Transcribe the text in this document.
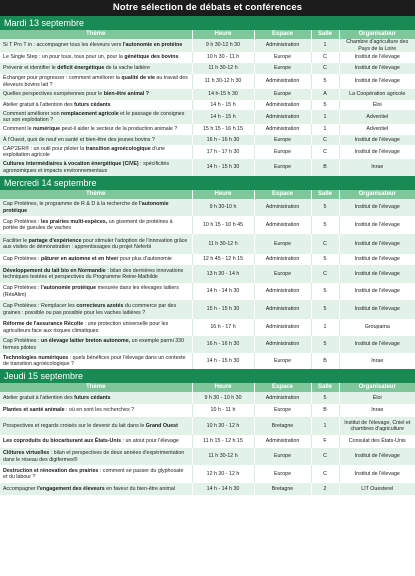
Notre sélection de débats et conférences
Mardi 13 septembre
Thème	Heure	Espace	Salle	Organisateur
Si T Pro T in : accompagner tous les éleveurs vers l'autonomie en protéine	9 h 30-12 h 30	Administration	1	Chambre d'agriculture des Pays de la Loire
Le Single Step : un pour tous, tous pour un, pour la génétique des bovins	10 h 30 - 11 h	Europe	C	Institut de l'élevage
Prévenir et identifier le déficit énergétique de la vache laitière	11 h 30-12 h	Europe	C	Institut de l'élevage
Échanger pour progresser : comment améliorer la qualité de vie au travail des éleveurs bovins lait ?	11 h 30-12 h 30	Administration	5	Institut de l'élevage
Quelles perspectives européennes pour le bien-être animal ?	14 h-15 h 30	Europe	A	La Coopération agricole
Atelier gratuit à l'attention des futurs cédants	14 h - 15 h	Administration	5	Éloi
Comment améliorer son remplacement agricole et le passage de consignes sur son exploitation ?	14 h - 15 h	Administration	1	Adventiel
Comment le numérique peut-il aider le secteur de la production animale ?	15 h 15 - 16 h 15	Administration	1	Adventiel
À l'Ouest, quoi de neuf en santé et bien-être des jeunes bovins ?	16 h - 16 h 30	Europe	C	Institut de l'élevage
CAP'2ER® : un outil pour piloter la transition agroécologique d'une exploitation agricole	17 h - 17 h 30	Europe	C	Institut de l'élevage
Cultures intermédiaires à vocation énergétique (CIVE) : spécificités agronomiques et impacts environnementaux	14 h - 15 h 30	Europe	B	Inrae
Mercredi 14 septembre
Thème	Heure	Espace	Salle	Organisateur
Cap Protéines, le programme de R & D à la recherche de l'autonomie protéique	9 h 30-10 h	Administration	5	Institut de l'élevage
Cap Protéines : les prairies multi-espèces, un gisement de protéines à portée de gueules de vaches	10 h 15 - 10 h 45	Administration	5	Institut de l'élevage
Faciliter le partage d'expérience pour stimuler l'adoption de l'innovation grâce aux visites de démonstration : apprentissages du projet Neferbi	11 h 30-12 h	Europe	C	Institut de l'élevage
Cap Protéines : pâturer en automne et en hiver pour plus d'autonomie	12 h 45 - 12 h 15	Administration	5	Institut de l'élevage
Développement du lait bio en Normandie : bilan des dernières innovations techniques testées et perspectives du Programme Reine-Mathilde	13 h 30 - 14 h	Europe	C	Institut de l'élevage
Cap Protéines : l'autonomie protéique mesurée dans les élevages laitiers (RésAlim)	14 h - 14 h 30	Administration	5	Institut de l'élevage
Cap Protéines : Remplacer les correcteurs azotés du commerce par des graines : possible ou pas possible pour les vaches laitières ?	15 h - 15 h 30	Administration	5	Institut de l'élevage
Réforme de l'assurance Récolte : une protection universelle pour les agriculteurs face aux risques climatiques	16 h - 17 h	Administration	1	Groupama
Cap Protéines : un élevage laitier breton autonome, un exemple parmi 330 fermes pilotes	16 h - 16 h 30	Administration	5	Institut de l'élevage
Technologies numériques : quels bénéfices pour l'élevage dans un contexte de transition agroécologique ?	14 h - 15 h 30	Europe	B	Inrae
Jeudi 15 septembre
Thème	Heure	Espace	Salle	Organisateur
Atelier gratuit à l'attention des futurs cédants	9 h 30 - 10 h 30	Administration	5	Éloi
Plantes et santé animale : où en sont les recherches ?	10 h - 11 h	Europe	B	Inrae
Prospectives et regards croisés sur le devenir du lait dans le Grand Ouest	10 h 30 - 12 h	Bretagne	1	Institut de l'élevage, Cniel et chambres d'agriculture
Les coproduits du biocarburant aux États-Unis : un atout pour l'élevage	11 h 15 - 12 h 15	Administration	F	Consulat des États-Unis
Clôtures virtuelles : bilan et perspectives de deux années d'expérimentation dans le réseau des digifermes®	11 h 30-12 h	Europe	C	Institut de l'élevage
Destruction et rénovation des prairies : comment se passer du glyphosate et du labour ?	12 h 30 - 12 h	Europe	C	Institut de l'élevage
Accompagner l'engagement des éleveurs en faveur du bien-être animal	14 h - 14 h 30	Bretagne	2	LIT Ouesterel
